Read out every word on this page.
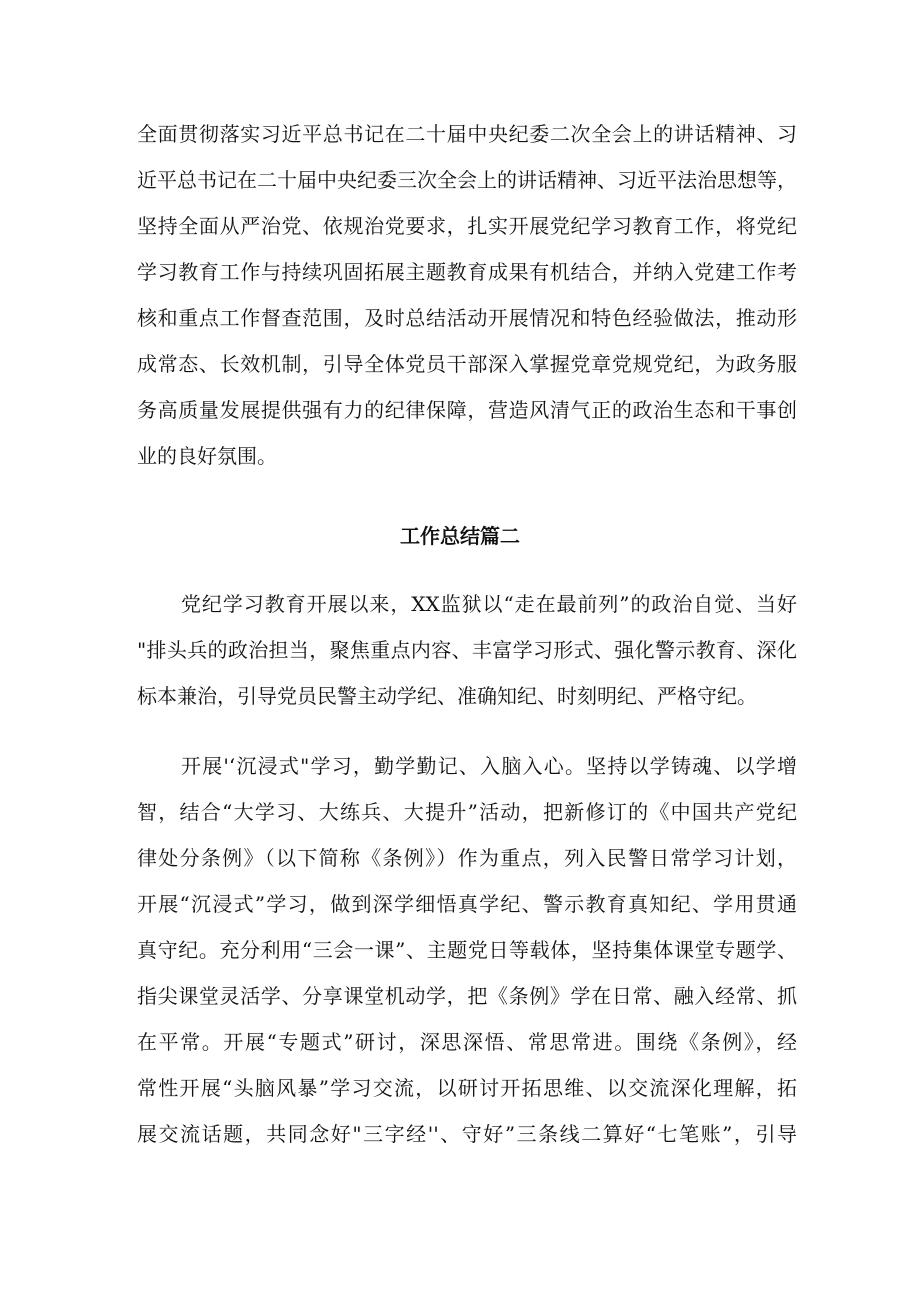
全面贯彻落实习近平总书记在二十届中央纪委二次全会上的讲话精神、习
近平总书记在二十届中央纪委三次全会上的讲话精神、习近平法治思想等，
坚持全面从严治党、依规治党要求，扎实开展党纪学习教育工作，将党纪
学习教育工作与持续巩固拓展主题教育成果有机结合，并纳入党建工作考
核和重点工作督查范围，及时总结活动开展情况和特色经验做法，推动形
成常态、长效机制，引导全体党员干部深入掌握党章党规党纪，为政务服
务高质量发展提供强有力的纪律保障，营造风清气正的政治生态和干事创
业的良好氛围。
工作总结篇二
党纪学习教育开展以来，XX监狱以“走在最前列”的政治自觉、当好
"排头兵的政治担当，聚焦重点内容、丰富学习形式、强化警示教育、深化
标本兼治，引导党员民警主动学纪、准确知纪、时刻明纪、严格守纪。
开展'‘沉浸式"学习，勤学勤记、入脑入心。坚持以学铸魂、以学增
智，结合“大学习、大练兵、大提升”活动，把新修订的《中国共产党纪
律处分条例》（以下简称《条例》）作为重点，列入民警日常学习计划，
开展“沉浸式”学习，做到深学细悟真学纪、警示教育真知纪、学用贯通
真守纪。充分利用“三会一课”、主题党日等载体，坚持集体课堂专题学、
指尖课堂灵活学、分享课堂机动学，把《条例》学在日常、融入经常、抓
在平常。开展“专题式”研讨，深思深悟、常思常进。围绕《条例》，经
常性开展“头脑风暴”学习交流，以研讨开拓思维、以交流深化理解，拓
展交流话题，共同念好"三字经''、守好”三条线二算好“七笔账”，引导
